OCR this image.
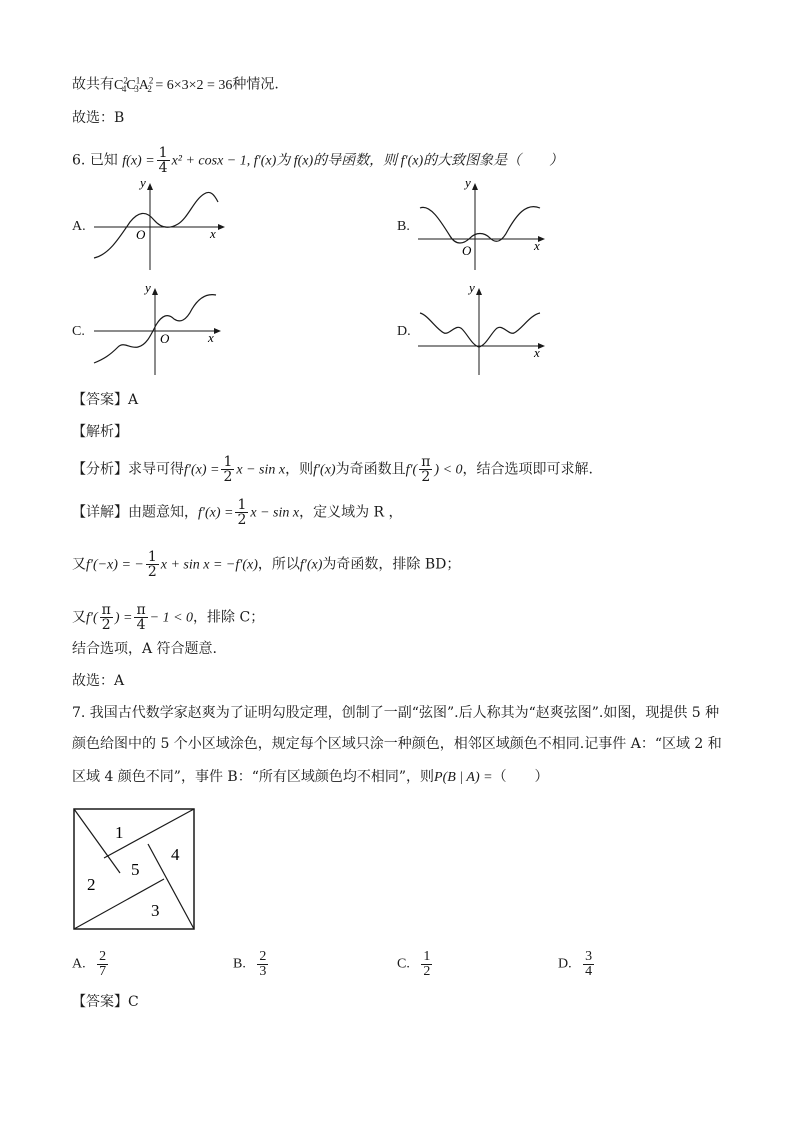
故共有$C^2_4C^1_3A^2_2 = 6\times 3\times 2 = 36$种情况.
故选：B
6. 已知 $f(x) = \frac{1}{4} x^2 + \cos x - 1$, f′(x)为 f(x)的导函数，则 f′(x)的大致图象是（　　）
A.
y
x
O
B.
y
x
O
C.
y
x
O	D.
y
x
【答案】A
【解析】
【分析】求导可得$f'(x) = \frac{1}{2}$ x − sin x，则f′(x)为奇函数且$f'( \frac{\pi}{2}$ ) < 0，结合选项即可求解.
【详解】由题意知，$f'(x) = \frac{1}{2}$ x − sin x，定义域为 R ，
又f′(−x) = − $\frac{1}{2}$ x + sin x = −f′(x)，所以f′(x)为奇函数，排除 BD；
又$f'( \frac{\pi}{2}$ ) = $\frac{\pi}{4} - 1 < 0$，排除 C；
结合选项，A 符合题意.
故选：A
7. 我国古代数学家赵爽为了证明勾股定理，创制了一副“弦图”.后人称其为“赵爽弦图”.如图，现提供 5 种
颜色给图中的 5 个小区域涂色，规定每个区域只涂一种颜色，相邻区域颜色不相同.记事件 A：“区域 2 和
区域 4 颜色不同”，事件 B：“所有区域颜色均不相同”，则P(B | A) =（　　）
1
2
3
4
5
A. $\frac{2}{7}$	B. $\frac{2}{3}$	C. $\frac{1}{2}$	D. $\frac{3}{4}$
【答案】C
